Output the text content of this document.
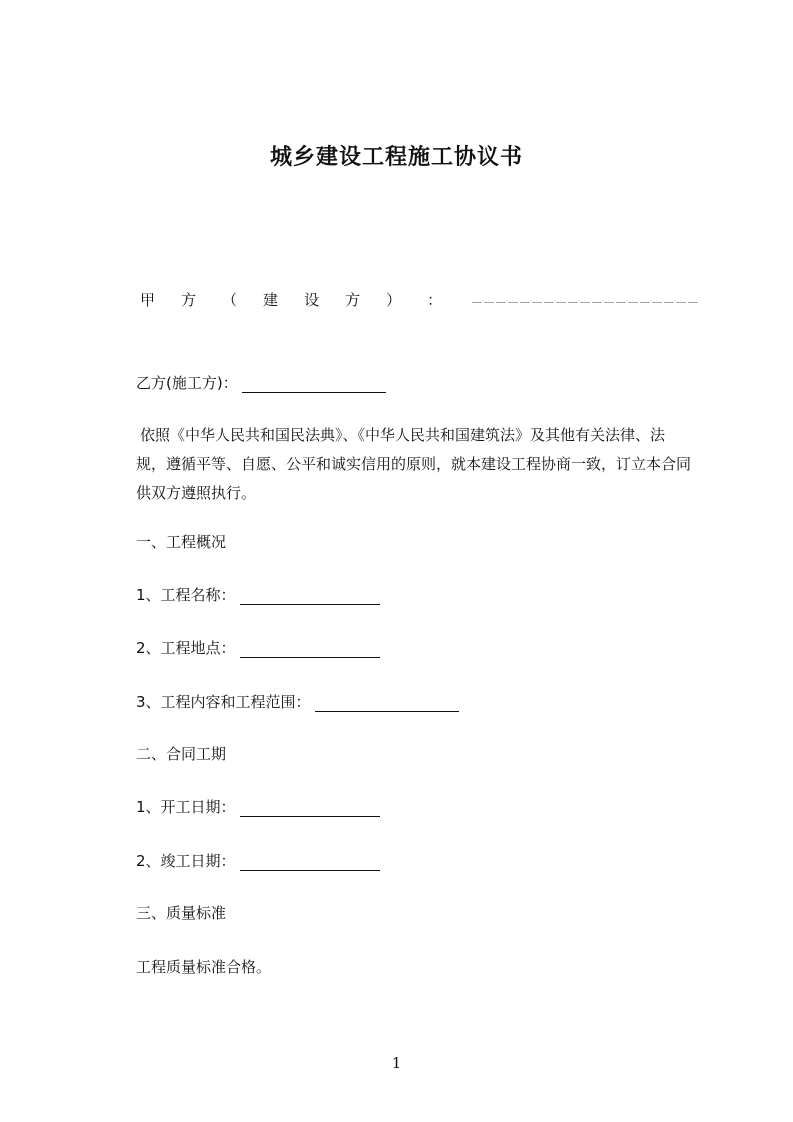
城乡建设工程施工协议书
甲 方 （ 建 设 方 ） ：	＿＿＿＿＿＿＿＿＿＿＿＿＿＿＿＿＿＿＿
乙方(施工方)：
依照《中华人民共和国民法典》、《中华人民共和国建筑法》及其他有关法律、法
规，遵循平等、自愿、公平和诚实信用的原则，就本建设工程协商一致，订立本合同
供双方遵照执行。
一、工程概况
1、工程名称：
2、工程地点：
3、工程内容和工程范围：
二、合同工期
1、开工日期：
2、竣工日期：
三、质量标准
工程质量标准合格。
1
